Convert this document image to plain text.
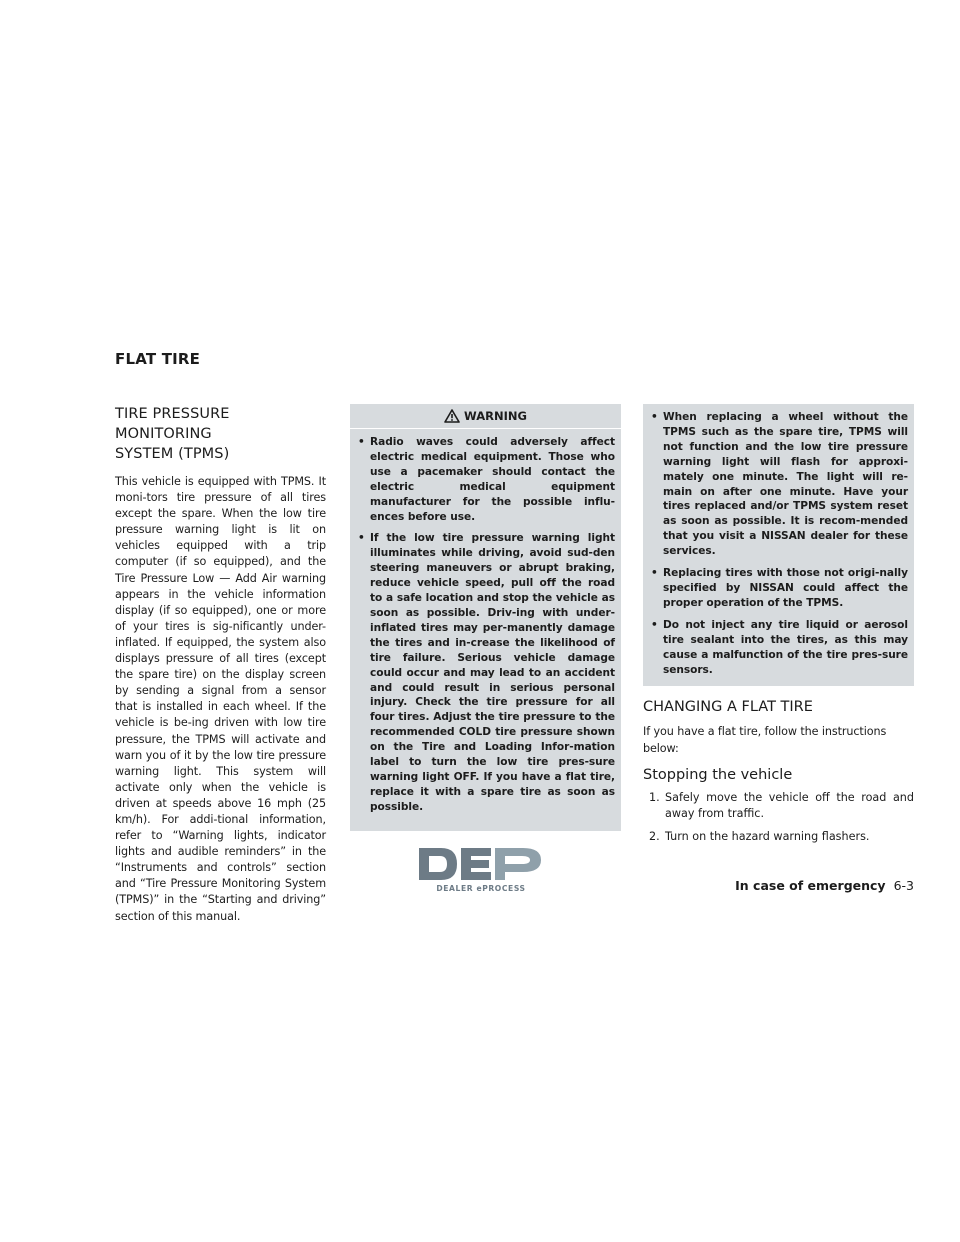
FLAT TIRE
TIRE PRESSURE MONITORING
SYSTEM (TPMS)

This vehicle is equipped with TPMS. It moni-tors tire pressure of all tires except the spare. When the low tire pressure warning light is lit on vehicles equipped with a trip computer (if so equipped), and the Tire Pressure Low — Add Air warning appears in the vehicle information display (if so equipped), one or more of your tires is sig-nificantly under-inflated. If equipped, the system also displays pressure of all tires (except the spare tire) on the display screen by sending a signal from a sensor that is installed in each wheel. If the vehicle is be-ing driven with low tire pressure, the TPMS will activate and warn you of it by the low tire pressure warning light. This system will activate only when the vehicle is driven at speeds above 16 mph (25 km/h). For addi-tional information, refer to “Warning lights, indicator lights and audible reminders” in the “Instruments and controls” section and “Tire Pressure Monitoring System (TPMS)” in the “Starting and driving” section of this manual.

WARNING
• Radio waves could adversely affect electric medical equipment. Those who use a pacemaker should contact the electric medical equipment manufacturer for the possible influ-ences before use.
• If the low tire pressure warning light illuminates while driving, avoid sud-den steering maneuvers or abrupt braking, reduce vehicle speed, pull off the road to a safe location and stop the vehicle as soon as possible. Driv-ing with under-inflated tires may per-manently damage the tires and in-crease the likelihood of tire failure. Serious vehicle damage could occur and may lead to an accident and could result in serious personal injury. Check the tire pressure for all four tires. Adjust the tire pressure to the recommended COLD tire pressure shown on the Tire and Loading Infor-mation label to turn the low tire pres-sure warning light OFF. If you have a flat tire, replace it with a spare tire as soon as possible.
• When replacing a wheel without the TPMS such as the spare tire, TPMS will not function and the low tire pressure warning light will flash for approxi-mately one minute. The light will re-main on after one minute. Have your tires replaced and/or TPMS system reset as soon as possible. It is recom-mended that you visit a NISSAN dealer for these services.
• Replacing tires with those not origi-nally specified by NISSAN could affect the proper operation of the TPMS.
• Do not inject any tire liquid or aerosol tire sealant into the tires, as this may cause a malfunction of the tire pres-sure sensors.
CHANGING A FLAT TIRE

If you have a flat tire, follow the instructions below:

Stopping the vehicle
1. Safely move the vehicle off the road and away from traffic.
2. Turn on the hazard warning flashers.
DEALER ePROCESS	In case of emergency 6-3
